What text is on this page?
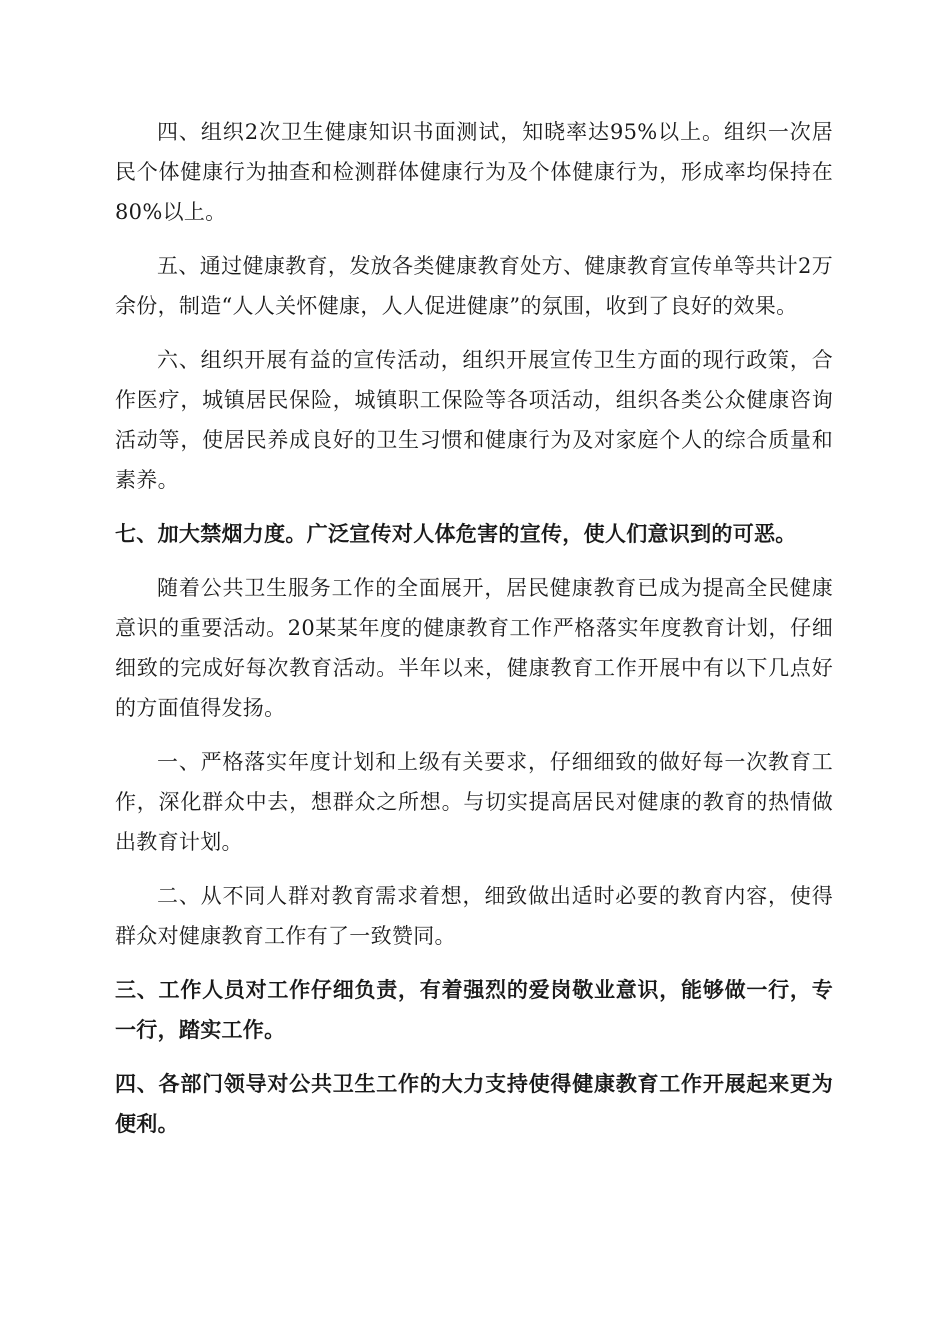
四、组织2次卫生健康知识书面测试，知晓率达95%以上。组织一次居民个体健康行为抽查和检测群体健康行为及个体健康行为，形成率均保持在80%以上。

五、通过健康教育，发放各类健康教育处方、健康教育宣传单等共计2万余份，制造“人人关怀健康，人人促进健康”的氛围，收到了良好的效果。

六、组织开展有益的宣传活动，组织开展宣传卫生方面的现行政策，合作医疗，城镇居民保险，城镇职工保险等各项活动，组织各类公众健康咨询活动等，使居民养成良好的卫生习惯和健康行为及对家庭个人的综合质量和素养。

七、加大禁烟力度。广泛宣传对人体危害的宣传，使人们意识到的可恶。

随着公共卫生服务工作的全面展开，居民健康教育已成为提高全民健康意识的重要活动。20某某年度的健康教育工作严格落实年度教育计划，仔细细致的完成好每次教育活动。半年以来，健康教育工作开展中有以下几点好的方面值得发扬。

一、严格落实年度计划和上级有关要求，仔细细致的做好每一次教育工作，深化群众中去，想群众之所想。与切实提高居民对健康的教育的热情做出教育计划。

二、从不同人群对教育需求着想，细致做出适时必要的教育内容，使得群众对健康教育工作有了一致赞同。

三、工作人员对工作仔细负责，有着强烈的爱岗敬业意识，能够做一行，专一行，踏实工作。

四、各部门领导对公共卫生工作的大力支持使得健康教育工作开展起来更为便利。
